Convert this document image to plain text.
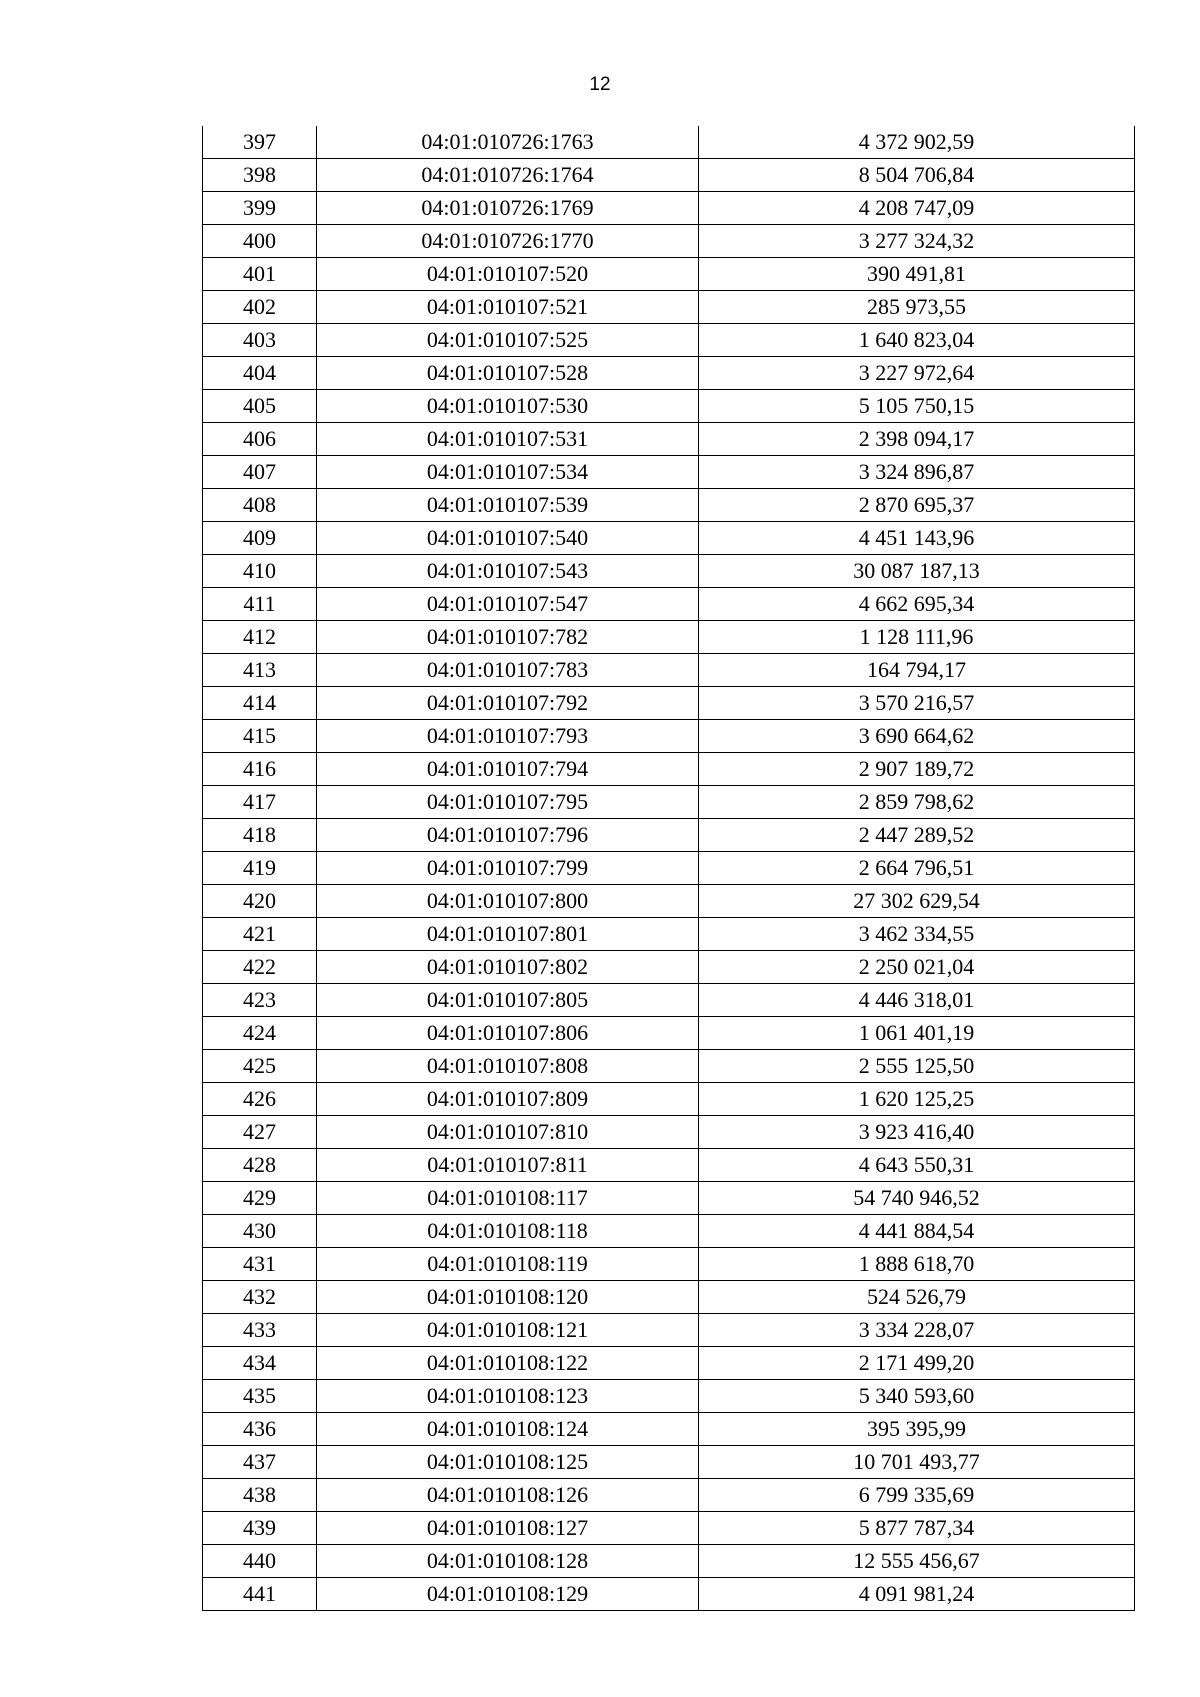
12
397	04:01:010726:1763	4 372 902,59
398	04:01:010726:1764	8 504 706,84
399	04:01:010726:1769	4 208 747,09
400	04:01:010726:1770	3 277 324,32
401	04:01:010107:520	390 491,81
402	04:01:010107:521	285 973,55
403	04:01:010107:525	1 640 823,04
404	04:01:010107:528	3 227 972,64
405	04:01:010107:530	5 105 750,15
406	04:01:010107:531	2 398 094,17
407	04:01:010107:534	3 324 896,87
408	04:01:010107:539	2 870 695,37
409	04:01:010107:540	4 451 143,96
410	04:01:010107:543	30 087 187,13
411	04:01:010107:547	4 662 695,34
412	04:01:010107:782	1 128 111,96
413	04:01:010107:783	164 794,17
414	04:01:010107:792	3 570 216,57
415	04:01:010107:793	3 690 664,62
416	04:01:010107:794	2 907 189,72
417	04:01:010107:795	2 859 798,62
418	04:01:010107:796	2 447 289,52
419	04:01:010107:799	2 664 796,51
420	04:01:010107:800	27 302 629,54
421	04:01:010107:801	3 462 334,55
422	04:01:010107:802	2 250 021,04
423	04:01:010107:805	4 446 318,01
424	04:01:010107:806	1 061 401,19
425	04:01:010107:808	2 555 125,50
426	04:01:010107:809	1 620 125,25
427	04:01:010107:810	3 923 416,40
428	04:01:010107:811	4 643 550,31
429	04:01:010108:117	54 740 946,52
430	04:01:010108:118	4 441 884,54
431	04:01:010108:119	1 888 618,70
432	04:01:010108:120	524 526,79
433	04:01:010108:121	3 334 228,07
434	04:01:010108:122	2 171 499,20
435	04:01:010108:123	5 340 593,60
436	04:01:010108:124	395 395,99
437	04:01:010108:125	10 701 493,77
438	04:01:010108:126	6 799 335,69
439	04:01:010108:127	5 877 787,34
440	04:01:010108:128	12 555 456,67
441	04:01:010108:129	4 091 981,24
